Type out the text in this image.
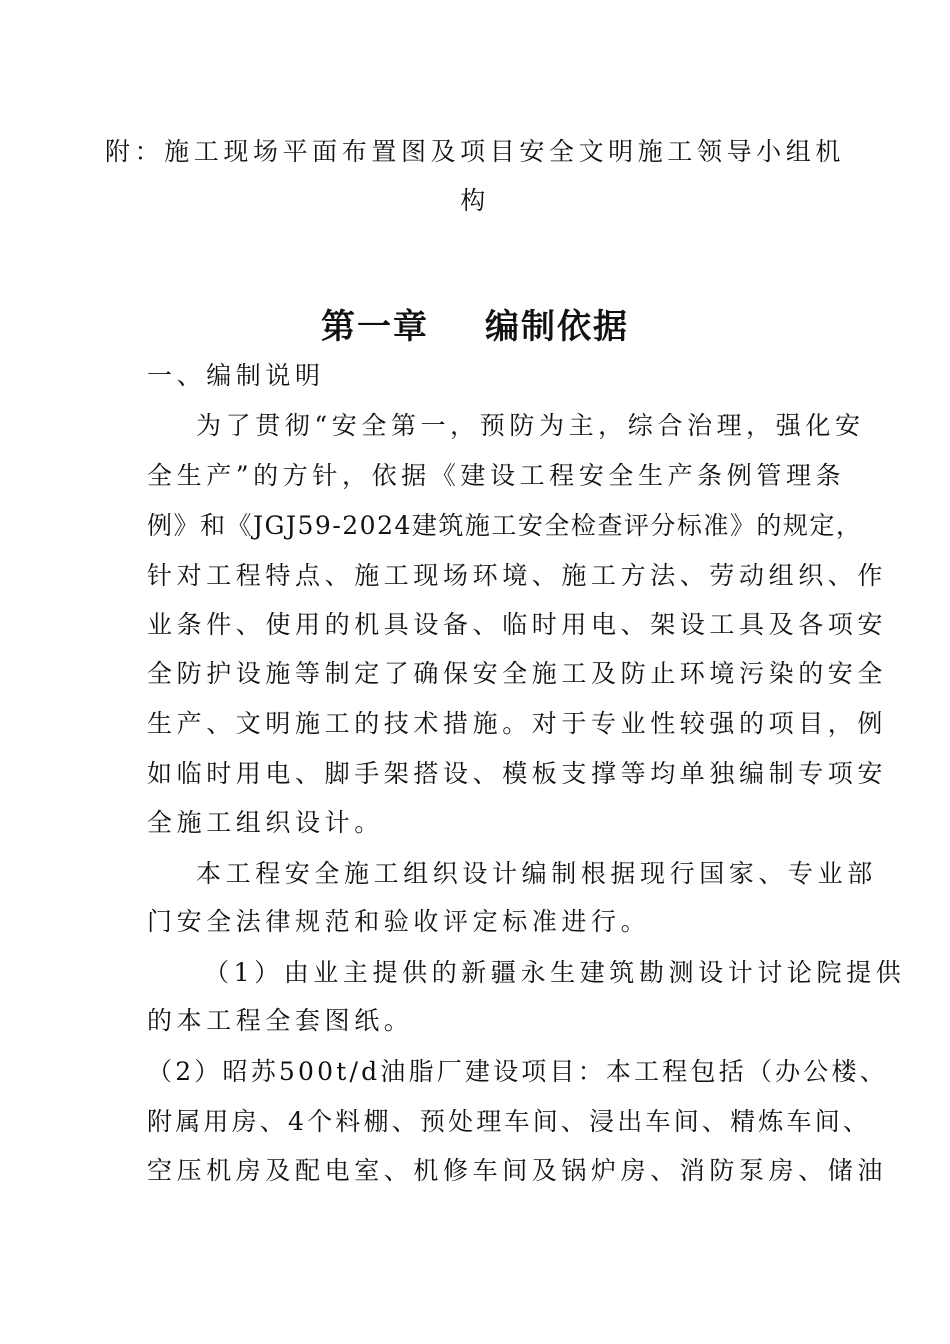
附：施工现场平面布置图及项目安全文明施工领导小组机
构
第一章 编制依据
一、编制说明
为了贯彻“安全第一，预防为主，综合治理，强化安
全生产”的方针，依据《建设工程安全生产条例管理条
例》和《JGJ59-2024建筑施工安全检查评分标准》的规定，
针对工程特点、施工现场环境、施工方法、劳动组织、作
业条件、使用的机具设备、临时用电、架设工具及各项安
全防护设施等制定了确保安全施工及防止环境污染的安全
生产、文明施工的技术措施。对于专业性较强的项目，例
如临时用电、脚手架搭设、模板支撑等均单独编制专项安
全施工组织设计。
本工程安全施工组织设计编制根据现行国家、专业部
门安全法律规范和验收评定标准进行。
（1）由业主提供的新疆永生建筑勘测设计讨论院提供
的本工程全套图纸。
（2）昭苏500t/d油脂厂建设项目：本工程包括（办公楼、
附属用房、4个料棚、预处理车间、浸出车间、精炼车间、
空压机房及配电室、机修车间及锅炉房、消防泵房、储油
